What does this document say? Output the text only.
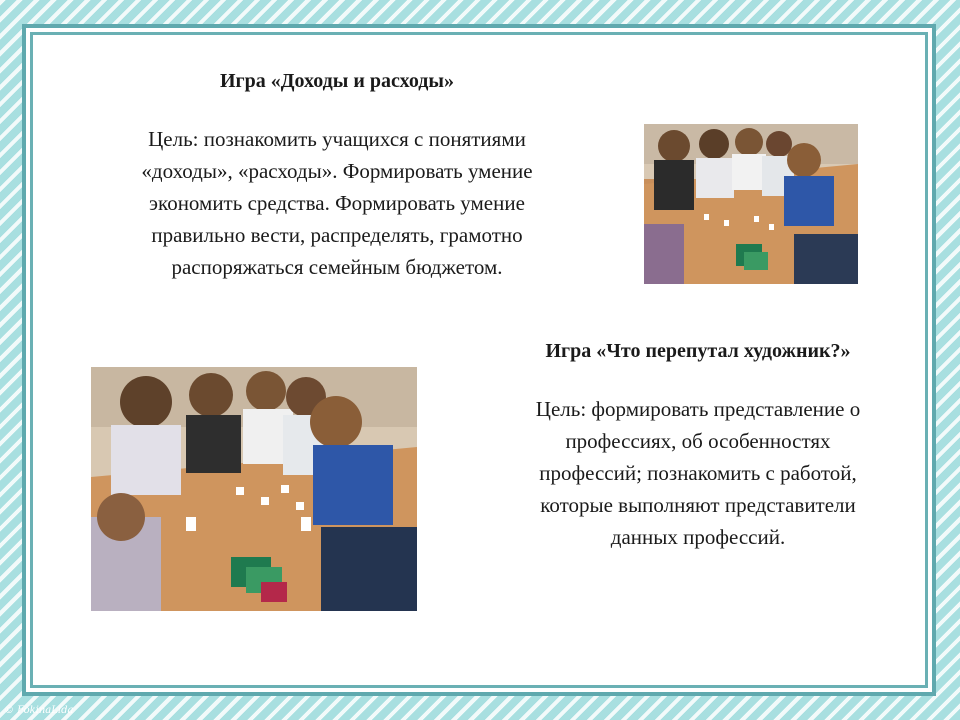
Игра «Доходы и расходы»
Цель: познакомить учащихся с понятиями
«доходы», «расходы». Формировать умение
экономить средства. Формировать умение
правильно вести, распределять, грамотно
распоряжаться семейным бюджетом.
Игра «Что перепутал художник?»
Цель: формировать представление о
профессиях, об особенностях
профессий; познакомить с работой,
которые выполняют представители
данных профессий.
© FokinaLida
